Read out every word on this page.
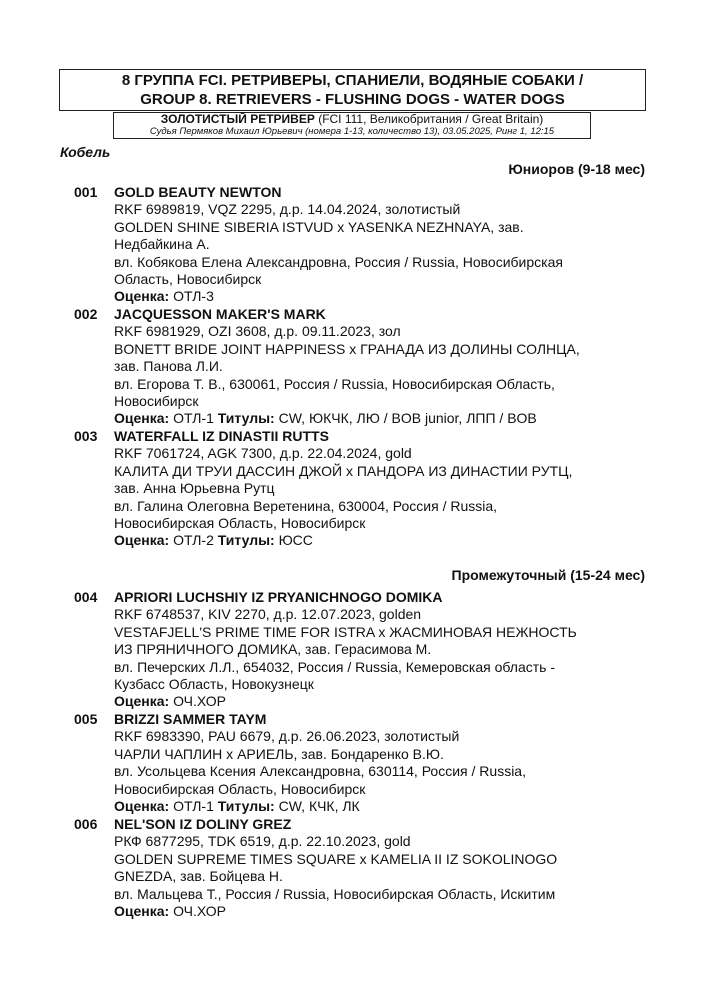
8 ГРУППА FCI. РЕТРИВЕРЫ, СПАНИЕЛИ, ВОДЯНЫЕ СОБАКИ /
GROUP 8. RETRIEVERS - FLUSHING DOGS - WATER DOGS
ЗОЛОТИСТЫЙ РЕТРИВЕР (FCI 111, Великобритания / Great Britain)
Судья Пермяков Михаил Юрьевич (номера 1-13, количество 13), 03.05.2025, Ринг 1, 12:15
Кобель
Юниоров (9-18 мес)
001 GOLD BEAUTY NEWTON
RKF 6989819, VQZ 2295, д.р. 14.04.2024, золотистый
GOLDEN SHINE SIBERIA ISTVUD x YASENKA NEZHNAYA, зав.
Недбайкина А.
вл. Кобякова Елена Александровна, Россия / Russia, Новосибирская
Область, Новосибирск
Оценка: ОТЛ-3
002 JACQUESSON MAKER'S MARK
RKF 6981929, OZI 3608, д.р. 09.11.2023, зол
BONETT BRIDE JOINT HAPPINESS x ГРАНАДА ИЗ ДОЛИНЫ СОЛНЦА,
зав. Панова Л.И.
вл. Егорова Т. В., 630061, Россия / Russia, Новосибирская Область,
Новосибирск
Оценка: ОТЛ-1 Титулы: CW, ЮКЧК, ЛЮ / BOB junior, ЛПП / BOB
003 WATERFALL IZ DINASTII RUTTS
RKF 7061724, AGK 7300, д.р. 22.04.2024, gold
КАЛИТА ДИ ТРУИ ДАССИН ДЖОЙ x ПАНДОРА ИЗ ДИНАСТИИ РУТЦ,
зав. Анна Юрьевна Рутц
вл. Галина Олеговна Веретенина, 630004, Россия / Russia,
Новосибирская Область, Новосибирск
Оценка: ОТЛ-2 Титулы: ЮСС
Промежуточный (15-24 мес)
004 APRIORI LUCHSHIY IZ PRYANICHNOGO DOMIKA
RKF 6748537, KIV 2270, д.р. 12.07.2023, golden
VESTAFJELL'S PRIME TIME FOR ISTRA x ЖАСМИНОВАЯ НЕЖНОСТЬ
ИЗ ПРЯНИЧНОГО ДОМИКА, зав. Герасимова М.
вл. Печерских Л.Л., 654032, Россия / Russia, Кемеровская область -
Кузбасс Область, Новокузнецк
Оценка: ОЧ.ХОР
005 BRIZZI SAMMER TAYM
RKF 6983390, PAU 6679, д.р. 26.06.2023, золотистый
ЧАРЛИ ЧАПЛИН x АРИЕЛЬ, зав. Бондаренко В.Ю.
вл. Усольцева Ксения Александровна, 630114, Россия / Russia,
Новосибирская Область, Новосибирск
Оценка: ОТЛ-1 Титулы: CW, КЧК, ЛК
006 NEL'SON IZ DOLINY GREZ
РКФ 6877295, TDK 6519, д.р. 22.10.2023, gold
GOLDEN SUPREME TIMES SQUARE x KAMELIA II IZ SOKOLINOGO
GNEZDA, зав. Бойцева Н.
вл. Мальцева Т., Россия / Russia, Новосибирская Область, Искитим
Оценка: ОЧ.ХОР
